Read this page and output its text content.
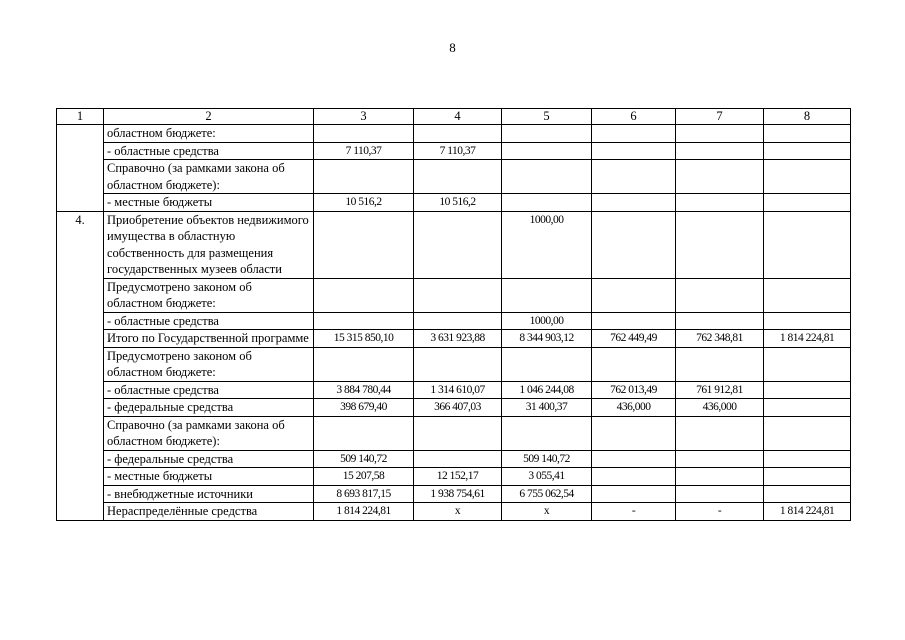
8
1	2	3	4	5	6	7	8
	областном бюджете:						
	- областные средства	7 110,37	7 110,37				
	Справочно (за рамками закона об областном бюджете):						
	- местные бюджеты	10 516,2	10 516,2				
4.	Приобретение объектов недвижимого имущества в областную собственность для размещения государственных музеев области			1000,00			
	Предусмотрено законом об областном бюджете:						
	- областные средства			1000,00			
	Итого по Государственной программе	15 315 850,10	3 631 923,88	8 344 903,12	762 449,49	762 348,81	1 814 224,81
	Предусмотрено законом об областном бюджете:						
	- областные средства	3 884 780,44	1 314 610,07	1 046 244,08	762 013,49	761 912,81	
	- федеральные средства	398 679,40	366 407,03	31 400,37	436,000	436,000	
	Справочно (за рамками закона об областном бюджете):						
	- федеральные средства	509 140,72		509 140,72			
	- местные бюджеты	15 207,58	12 152,17	3 055,41			
	- внебюджетные источники	8 693 817,15	1 938 754,61	6 755 062,54			
	Нераспределённые средства	1 814 224,81	х	х	-	-	1 814 224,81
